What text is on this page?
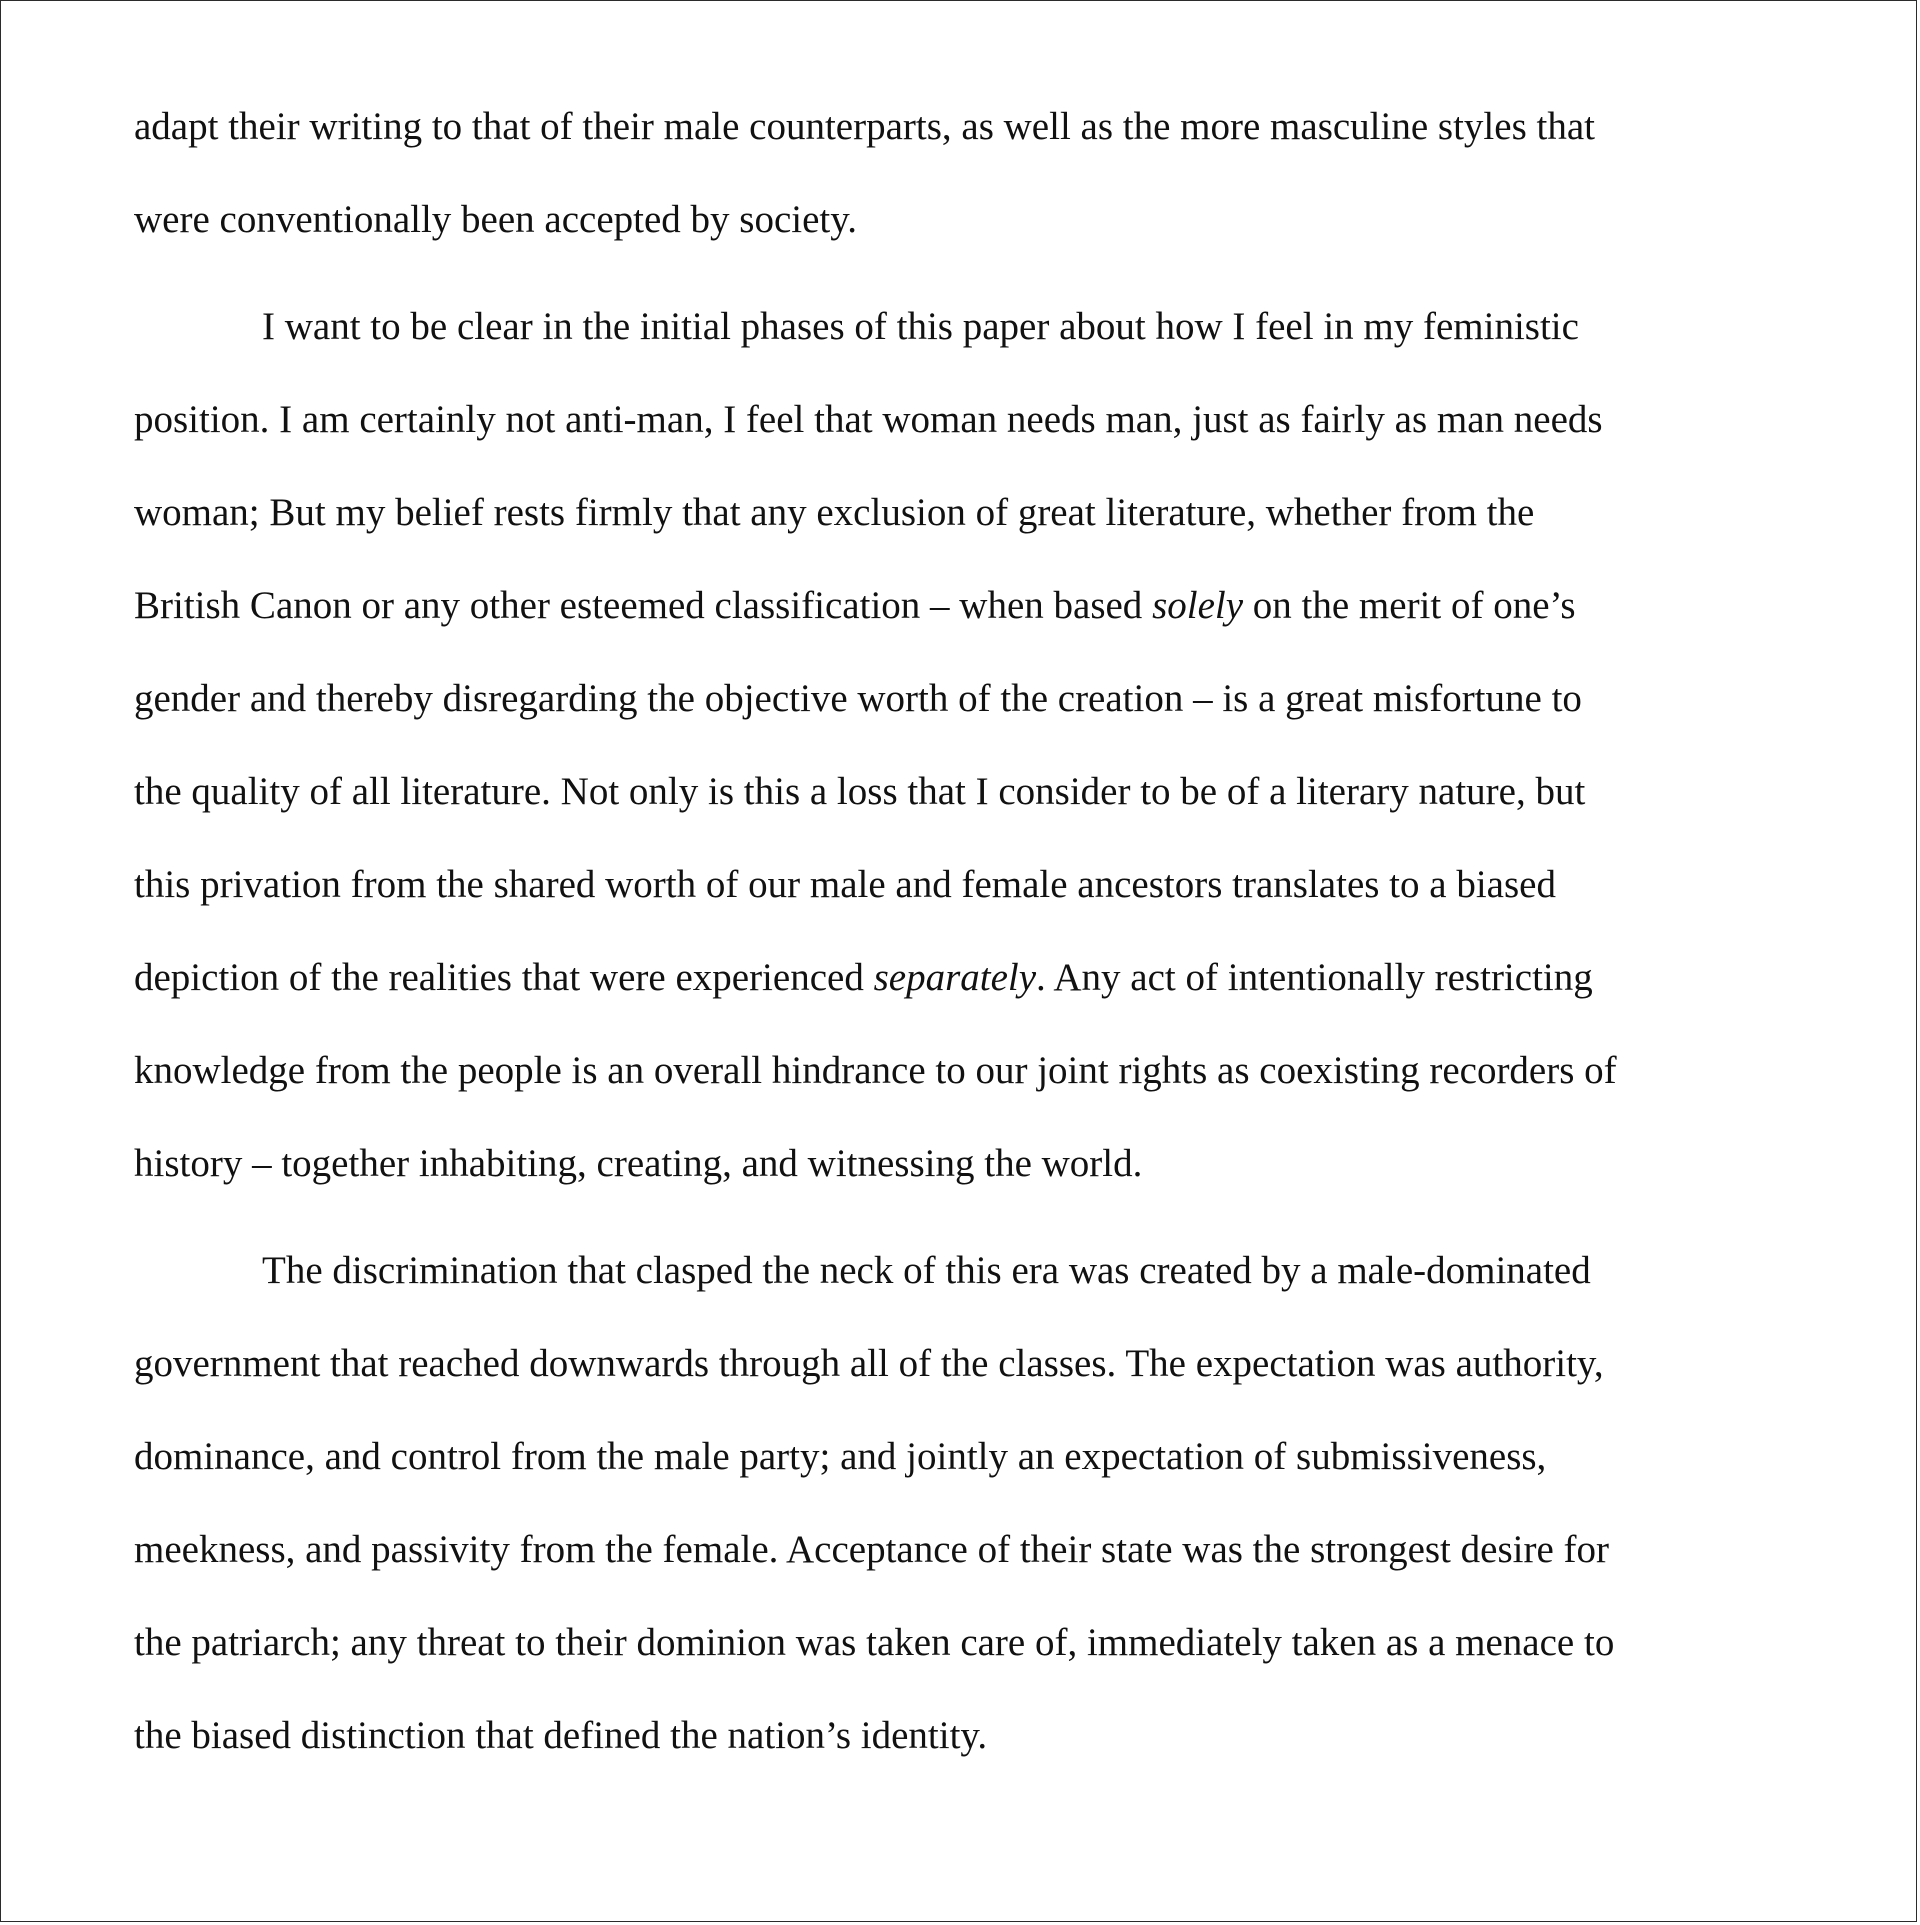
adapt their writing to that of their male counterparts, as well as the more masculine styles that
were conventionally been accepted by society.

I want to be clear in the initial phases of this paper about how I feel in my feministic
position. I am certainly not anti-man, I feel that woman needs man, just as fairly as man needs
woman; But my belief rests firmly that any exclusion of great literature, whether from the
British Canon or any other esteemed classification – when based solely on the merit of one’s
gender and thereby disregarding the objective worth of the creation – is a great misfortune to
the quality of all literature. Not only is this a loss that I consider to be of a literary nature, but
this privation from the shared worth of our male and female ancestors translates to a biased
depiction of the realities that were experienced separately. Any act of intentionally restricting
knowledge from the people is an overall hindrance to our joint rights as coexisting recorders of
history – together inhabiting, creating, and witnessing the world.

The discrimination that clasped the neck of this era was created by a male-dominated
government that reached downwards through all of the classes. The expectation was authority,
dominance, and control from the male party; and jointly an expectation of submissiveness,
meekness, and passivity from the female. Acceptance of their state was the strongest desire for
the patriarch; any threat to their dominion was taken care of, immediately taken as a menace to
the biased distinction that defined the nation’s identity.
